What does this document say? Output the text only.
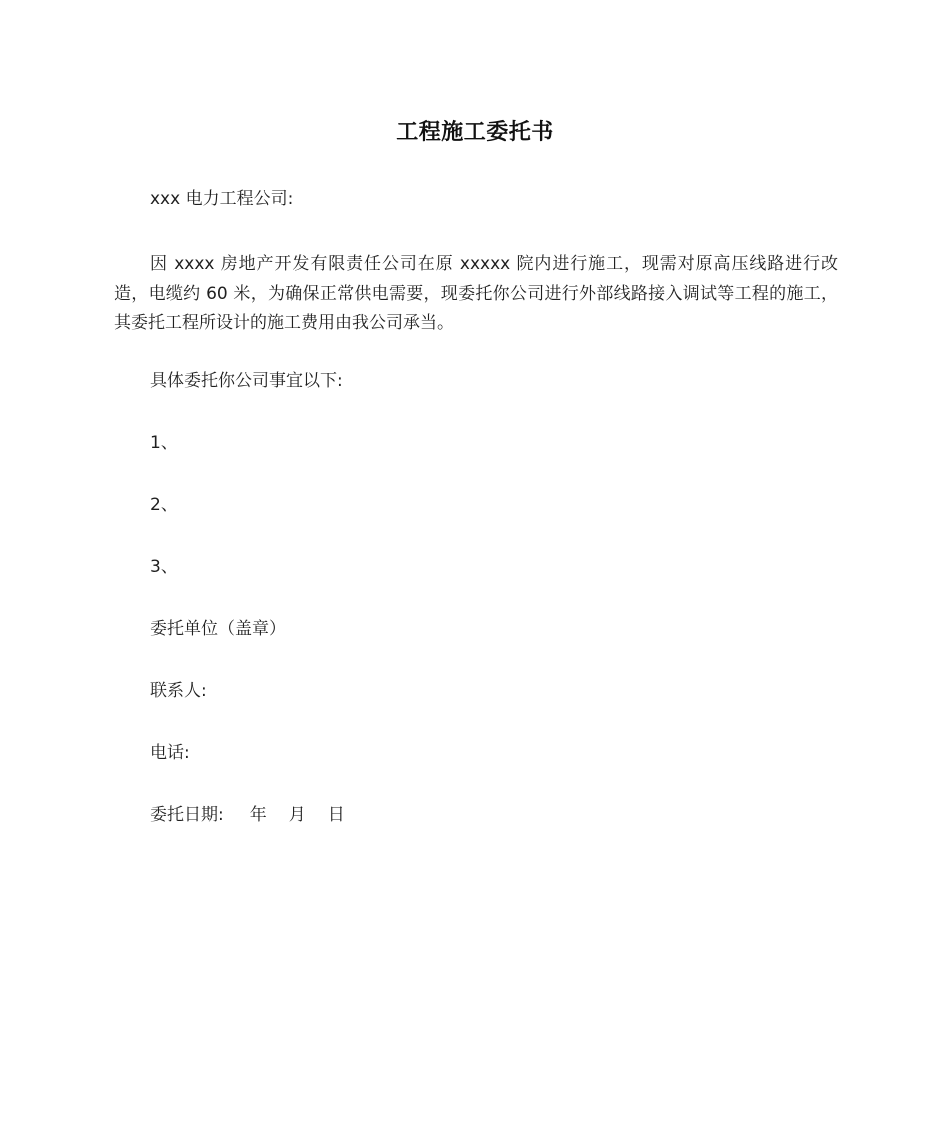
工程施工委托书
xxx 电力工程公司:
因 xxxx 房地产开发有限责任公司在原 xxxxx 院内进行施工，现需对原高压线路进行改造，电缆约 60 米，为确保正常供电需要，现委托你公司进行外部线路接入调试等工程的施工，其委托工程所设计的施工费用由我公司承当。
具体委托你公司事宜以下:
1、
2、
3、
委托单位（盖章）
联系人:
电话:
委托日期: 年 月 日
